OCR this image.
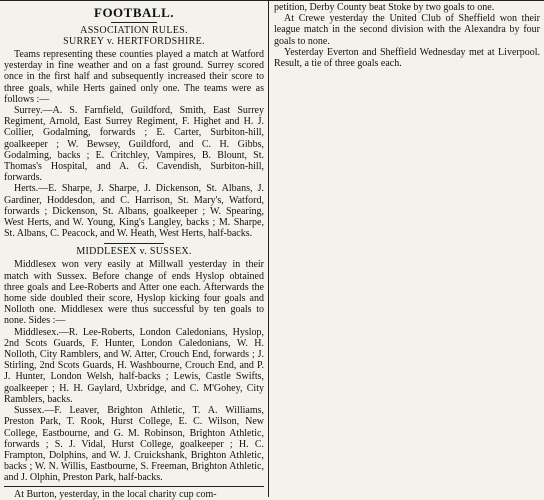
FOOTBALL.
ASSOCIATION RULES.
SURREY v. HERTFORDSHIRE.

Teams representing these counties played a match at Watford yesterday in fine weather and on a fast ground. Surrey scored once in the first half and subsequently increased their score to three goals, while Herts gained only one. The teams were as follows :—

Surrey.—A. S. Farnfield, Guildford, Smith, East Surrey Regiment, Arnold, East Surrey Regiment, F. Highet and H. J. Collier, Godalming, forwards ; E. Carter, Surbiton-hill, goalkeeper ; W. Bewsey, Guildford, and C. H. Gibbs, Godalming, backs ; E. Critchley, Vampires, B. Blount, St. Thomas's Hospital, and A. G. Cavendish, Surbiton-hill, forwards.

Herts.—E. Sharpe, J. Sharpe, J. Dickenson, St. Albans, J. Gardiner, Hoddesdon, and C. Harrison, St. Mary's, Watford, forwards ; Dickenson, St. Albans, goalkeeper ; W. Spearing, West Herts, and W. Young, King's Langley, backs ; M. Sharpe, St. Albans, C. Peacock, and W. Heath, West Herts, half-backs.

MIDDLESEX v. SUSSEX.

Middlesex won very easily at Millwall yesterday in their match with Sussex. Before change of ends Hyslop obtained three goals and Lee-Roberts and Atter one each. Afterwards the home side doubled their score, Hyslop kicking four goals and Nolloth one. Middlesex were thus successful by ten goals to none. Sides :—

Middlesex.—R. Lee-Roberts, London Caledonians, Hyslop, 2nd Scots Guards, F. Hunter, London Caledonians, W. H. Nolloth, City Ramblers, and W. Atter, Crouch End, forwards ; J. Stirling, 2nd Scots Guards, H. Washbourne, Crouch End, and P. J. Hunter, London Welsh, half-backs ; Lewis, Castle Swifts, goalkeeper ; H. H. Gaylard, Uxbridge, and C. M'Gohey, City Ramblers, backs.

Sussex.—F. Leaver, Brighton Athletic, T. A. Williams, Preston Park, T. Rook, Hurst College, E. C. Wilson, New College, Eastbourne, and G. M. Robinson, Brighton Athletic, forwards ; S. J. Vidal, Hurst College, goalkeeper ; H. C. Frampton, Dolphins, and W. J. Cruickshank, Brighton Athletic, backs ; W. N. Willis, Eastbourne, S. Freeman, Brighton Athletic, and J. Olphin, Preston Park, half-backs.

At Burton, yesterday, in the local charity cup com-

petition, Derby County beat Stoke by two goals to one.

At Crewe yesterday the United Club of Sheffield won their league match in the second division with the Alexandra by four goals to none.

Yesterday Everton and Sheffield Wednesday met at Liverpool. Result, a tie of three goals each.
